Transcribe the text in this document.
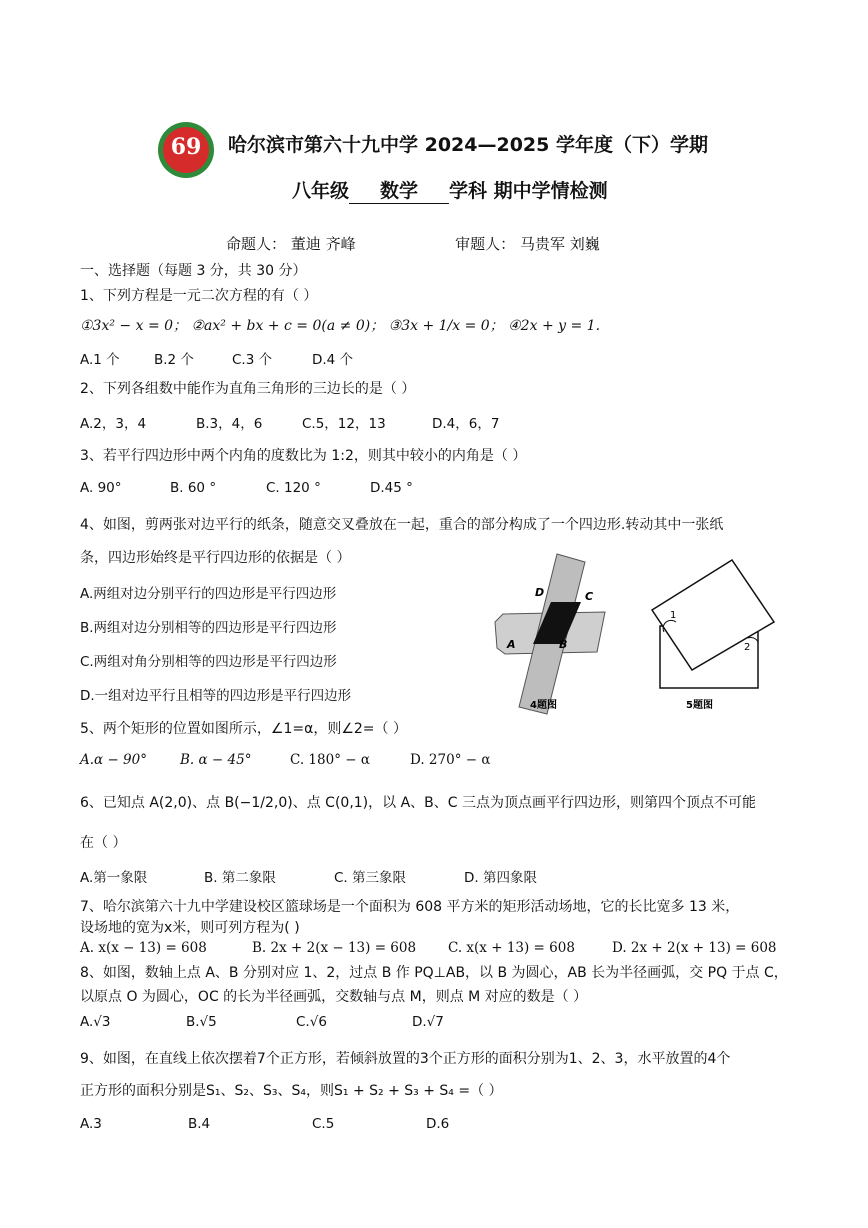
69	哈尔滨市第六十九中学 2024—2025 学年度（下）学期
八年级 数学 学科 期中学情检测
命题人： 董迪 齐峰	审题人： 马贵军 刘巍
一、选择题（每题 3 分，共 30 分）
1、下列方程是一元二次方程的有（ ）
①3x² − x = 0； ②ax² + bx + c = 0(a ≠ 0)； ③3x + 1/x = 0； ④2x + y = 1.
A.1 个	B.2 个	C.3 个	D.4 个
2、下列各组数中能作为直角三角形的三边长的是（ ）
A.2，3，4	B.3，4，6	C.5，12，13	D.4，6，7
3、若平行四边形中两个内角的度数比为 1:2，则其中较小的内角是（ ）
A. 90°	B. 60 °	C. 120 °	D.45 °
4、如图，剪两张对边平行的纸条，随意交叉叠放在一起，重合的部分构成了一个四边形.转动其中一张纸
条，四边形始终是平行四边形的依据是（ ）
A.两组对边分别平行的四边形是平行四边形
B.两组对边分别相等的四边形是平行四边形
C.两组对角分别相等的四边形是平行四边形
D.一组对边平行且相等的四边形是平行四边形
A	B
C
D
4题图
1
2
5题图
5、两个矩形的位置如图所示，∠1=α，则∠2=（ ）
A.α − 90° B. α − 45°	C. 180° − α	D. 270° − α
6、已知点 A(2,0)、点 B(−1/2,0)、点 C(0,1)，以 A、B、C 三点为顶点画平行四边形，则第四个顶点不可能
在（ ）
A.第一象限	B. 第二象限	C. 第三象限	D. 第四象限
7、哈尔滨第六十九中学建设校区篮球场是一个面积为 608 平方米的矩形活动场地，它的长比宽多 13 米，
设场地的宽为x米，则可列方程为( )
A. x(x − 13) = 608	B. 2x + 2(x − 13) = 608 C. x(x + 13) = 608	D. 2x + 2(x + 13) = 608
8、如图，数轴上点 A、B 分别对应 1、2，过点 B 作 PQ⊥AB，以 B 为圆心，AB 长为半径画弧，交 PQ 于点 C，
以原点 O 为圆心，OC 的长为半径画弧，交数轴与点 M，则点 M 对应的数是（ ）
A.√3	B.√5	C.√6	D.√7
9、如图，在直线上依次摆着7个正方形，若倾斜放置的3个正方形的面积分别为1、2、3，水平放置的4个
正方形的面积分别是S₁、S₂、S₃、S₄，则S₁ + S₂ + S₃ + S₄ =（ ）
A.3	B.4	C.5	D.6
